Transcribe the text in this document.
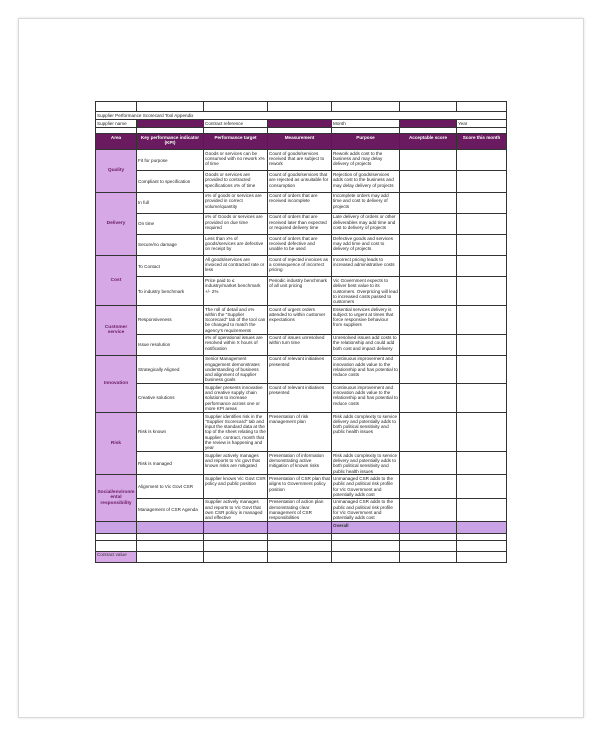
Supplier Performance Scorecard Tool Appendix						
Supplier name		Contract reference		Month		Year

Area	Key performance indicator (KPI)	Performance target	Measurement	Purpose	Acceptable score	Score this month
Quality	Fit for purpose	Goods or services can be consumed with no rework x% of time	Count of goods/services received that are subject to rework	Rework adds cost to the business and may delay delivery of projects		
	Compliant to specification	Goods or services are provided to contracted specifications x% of time	Count of goods/services that are rejected as unsuitable for consumption	Rejection of goods/services adds cost to the business and may delay delivery of projects		
Delivery	In full	x% of goods or services are provided in correct volume/quantity	Count of orders that are received incomplete	Incomplete orders may add time and cost to delivery of projects		
	On time	x% of Goods or services are provided on due time required	Count of orders that are received later than expected or required delivery time	Late delivery of orders or other deliverables may add time and cost to delivery of projects		
	Secure/no damage	Less than x% of goods/services are defective on receipt by	Count of orders that are received defective and unable to be used	Defective goods and services may add time and cost to delivery of projects		
Cost	To Contact	All goods/services are invoiced at contracted rate or less	Count of rejected invoices as a consequence of incorrect pricing	Incorrect pricing leads to increased administrative costs		
	To industry benchmark	Price paid to ≤ industry/market benchmark +/- 2%	Periodic industry benchmark of all unit pricing	Vic Government expects to deliver best value to its customers. Overpricing will lead to increased costs passed to customers		
Customer service	Responsiveness	The roll of detail and x% within the "Supplier Scorecard" tab of the tool can be changed to match the agency's requirements	Count of urgent orders attended to within customer expectations	Essential services delivery is subject to urgent at times that force responsive behaviour from suppliers		
	Issue resolution	x% of operational issues are resolved within X hours of notification	Count of issues unresolved within turn time	Unresolved issues add costs to the relationship and could add both cost and impact delivery		
Innovation	Strategically Aligned	Senior Management engagement demonstrates understanding of business and alignment of supplier business goals	Count of relevant initiatives presented	Continuous improvement and innovation adds value to the relationship and has potential to reduce costs		
	Creative solutions	Supplier presents innovative and creative supply chain solutions to increase performance across one or more KPI areas	Count of relevant initiatives presented	Continuous improvement and innovation adds value to the relationship and has potential to reduce costs		
Risk	Risk is known	Supplier identifies risk in the "Supplier Scorecard" tab and input the standard data at the top of the sheet relating to the supplier, contract, month that the review is happening and year	Presentation of risk management plan	Risk adds complexity to service delivery and potentially adds to both political sensitivity and public health issues		
	Risk is managed	Supplier actively manages and reports to Vic govt that known risks are mitigated	Presentation of information demonstrating active mitigation of known risks	Risk adds complexity to service delivery and potentially adds to both political sensitivity and public health issues		
Social/environmental responsibility	Alignment to Vic Govt CSR	Supplier knows Vic Govt CSR policy and public position	Presentation of CSR plan that aligns to Government policy position	Unmanaged CSR adds to the public and political risk profile for Vic Government and potentially adds cost		
	Management of CSR Agenda	Supplier actively manages and reports to Vic Govt that own CSR policy is managed and effective	Presentation of action plan demonstrating clear management of CSR responsibilities	Unmanaged CSR adds to the public and political risk profile for Vic Government and potentially adds cost		
				Overall		

Contract value						
